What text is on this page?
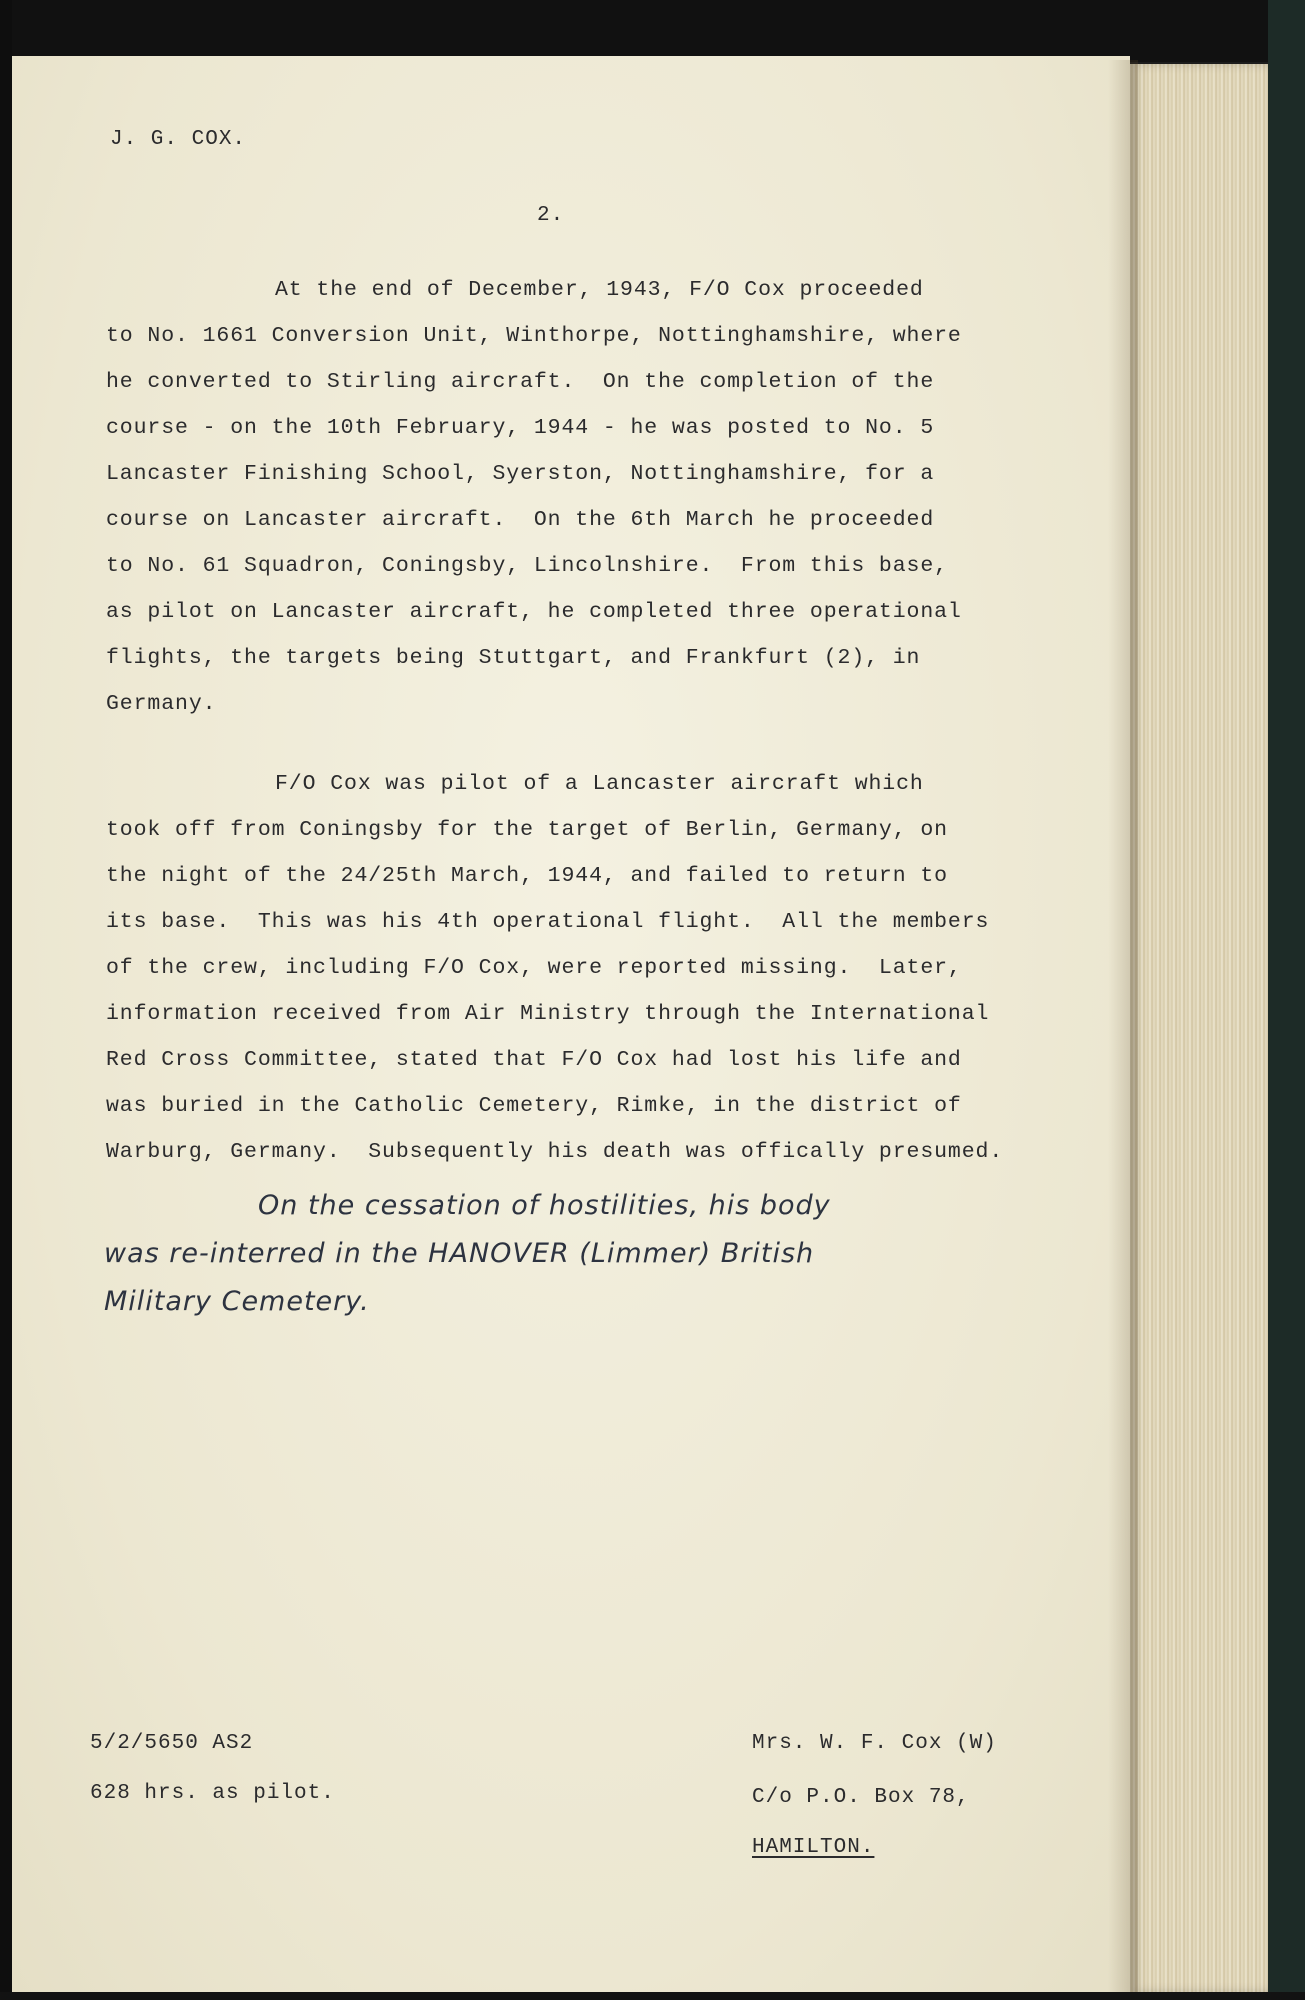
J. G. COX.
2.
At the end of December, 1943, F/O Cox proceeded
to No. 1661 Conversion Unit, Winthorpe, Nottinghamshire, where
he converted to Stirling aircraft.  On the completion of the
course - on the 10th February, 1944 - he was posted to No. 5
Lancaster Finishing School, Syerston, Nottinghamshire, for a
course on Lancaster aircraft.  On the 6th March he proceeded
to No. 61 Squadron, Coningsby, Lincolnshire.  From this base,
as pilot on Lancaster aircraft, he completed three operational
flights, the targets being Stuttgart, and Frankfurt (2), in
Germany.
F/O Cox was pilot of a Lancaster aircraft which
took off from Coningsby for the target of Berlin, Germany, on
the night of the 24/25th March, 1944, and failed to return to
its base.  This was his 4th operational flight.  All the members
of the crew, including F/O Cox, were reported missing.  Later,
information received from Air Ministry through the International
Red Cross Committee, stated that F/O Cox had lost his life and
was buried in the Catholic Cemetery, Rimke, in the district of
Warburg, Germany.  Subsequently his death was offically presumed.
On the cessation of hostilities, his body
was re-interred in the HANOVER (Limmer) British
Military Cemetery.
5/2/5650 AS2
628 hrs. as pilot.
Mrs. W. F. Cox (W)
C/o P.O. Box 78,
HAMILTON.
